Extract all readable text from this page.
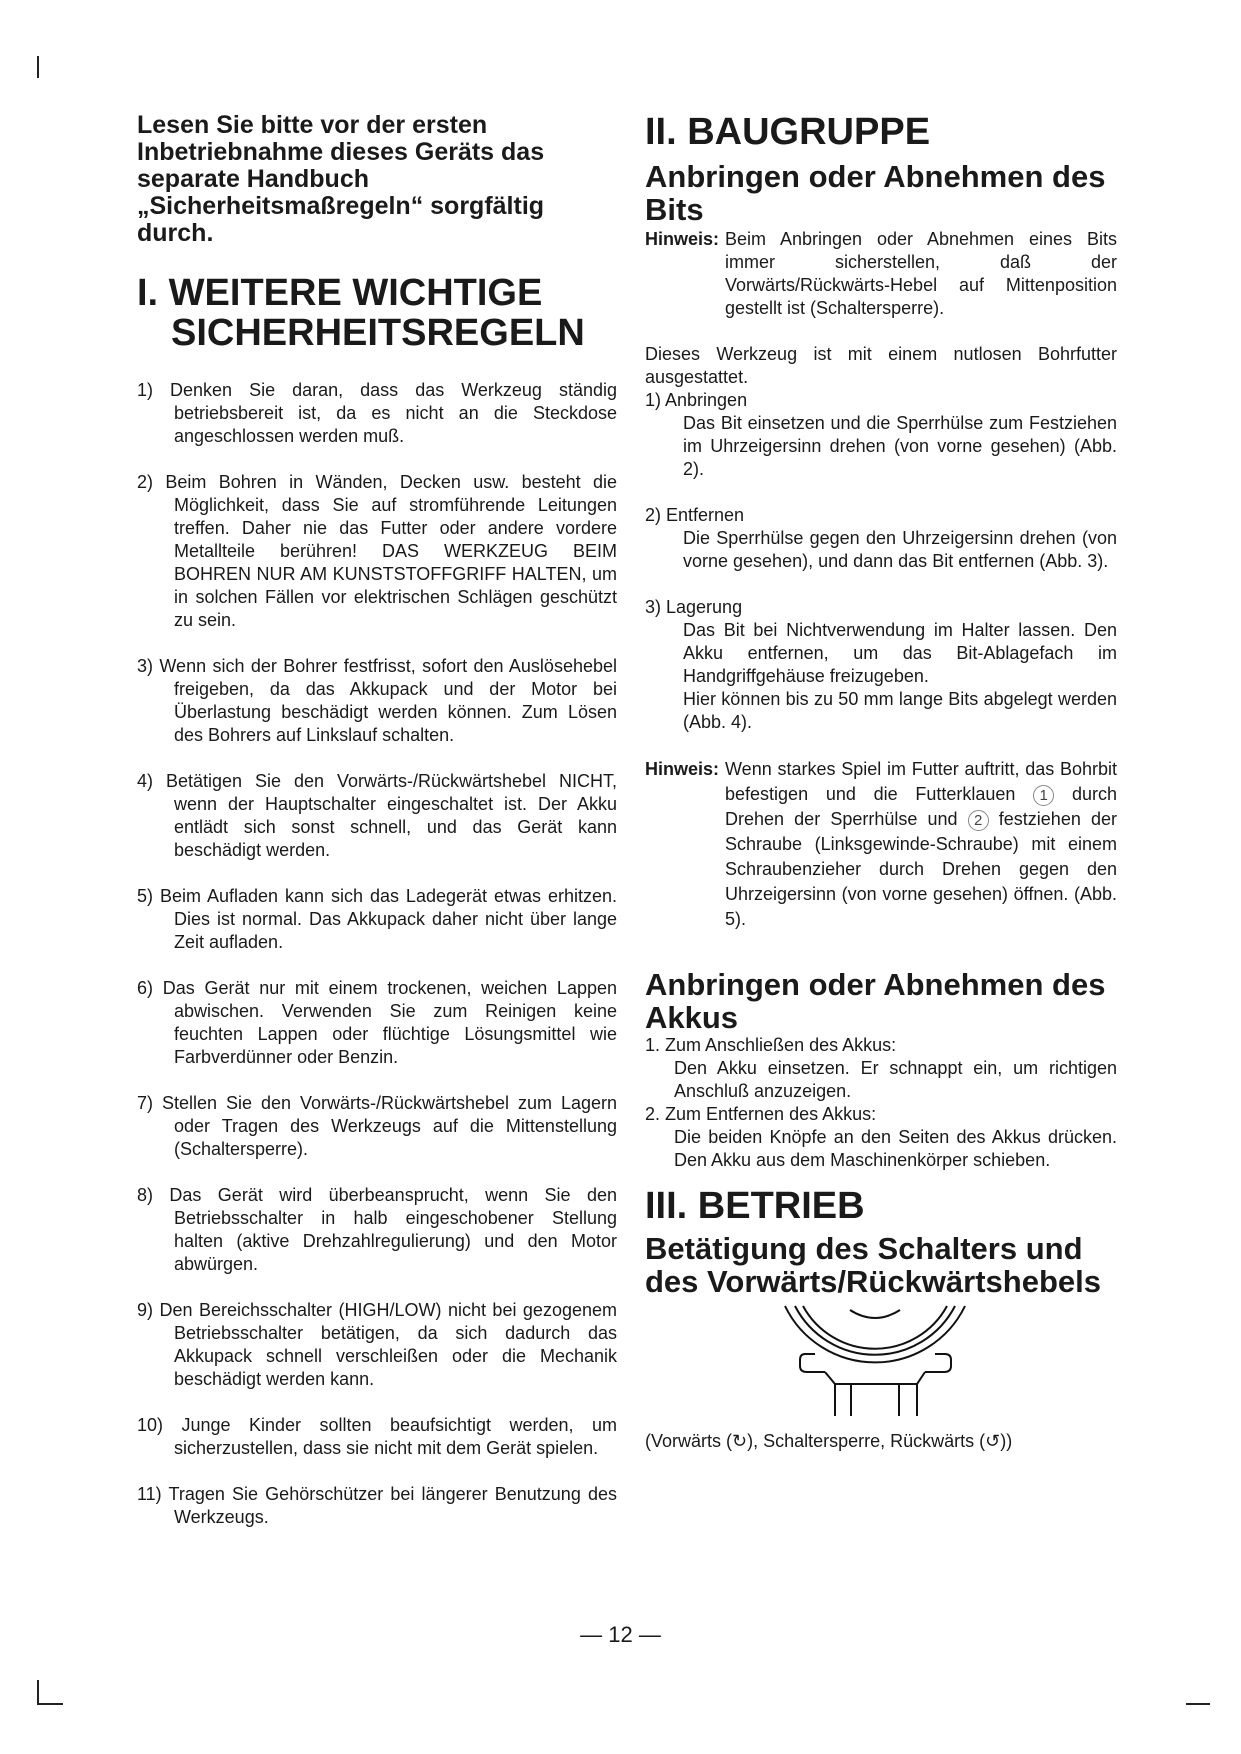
Lesen Sie bitte vor der ersten Inbetriebnahme dieses Geräts das separate Handbuch „Sicherheitsmaßregeln“ sorgfältig durch.

I. WEITERE WICHTIGE SICHERHEITSREGELN

1) Denken Sie daran, dass das Werkzeug ständig betriebsbereit ist, da es nicht an die Steckdose angeschlossen werden muß.

2) Beim Bohren in Wänden, Decken usw. besteht die Möglichkeit, dass Sie auf stromführende Leitungen treffen. Daher nie das Futter oder andere vordere Metallteile berühren! DAS WERKZEUG BEIM BOHREN NUR AM KUNSTSTOFFGRIFF HALTEN, um in solchen Fällen vor elektrischen Schlägen geschützt zu sein.

3) Wenn sich der Bohrer festfrisst, sofort den Auslösehebel freigeben, da das Akkupack und der Motor bei Überlastung beschädigt werden können. Zum Lösen des Bohrers auf Linkslauf schalten.

4) Betätigen Sie den Vorwärts-/Rückwärtshebel NICHT, wenn der Hauptschalter eingeschaltet ist. Der Akku entlädt sich sonst schnell, und das Gerät kann beschädigt werden.

5) Beim Aufladen kann sich das Ladegerät etwas erhitzen. Dies ist normal. Das Akkupack daher nicht über lange Zeit aufladen.

6) Das Gerät nur mit einem trockenen, weichen Lappen abwischen. Verwenden Sie zum Reinigen keine feuchten Lappen oder flüchtige Lösungsmittel wie Farbverdünner oder Benzin.

7) Stellen Sie den Vorwärts-/Rückwärtshebel zum Lagern oder Tragen des Werkzeugs auf die Mittenstellung (Schaltersperre).

8) Das Gerät wird überbeansprucht, wenn Sie den Betriebsschalter in halb eingeschobener Stellung halten (aktive Drehzahlregulierung) und den Motor abwürgen.

9) Den Bereichsschalter (HIGH/LOW) nicht bei gezogenem Betriebsschalter betätigen, da sich dadurch das Akkupack schnell verschleißen oder die Mechanik beschädigt werden kann.

10) Junge Kinder sollten beaufsichtigt werden, um sicherzustellen, dass sie nicht mit dem Gerät spielen.

11) Tragen Sie Gehörschützer bei längerer Benutzung des Werkzeugs.

II. BAUGRUPPE
Anbringen oder Abnehmen des Bits
Hinweis: Beim Anbringen oder Abnehmen eines Bits immer sicherstellen, daß der Vorwärts/Rückwärts-Hebel auf Mittenposition gestellt ist (Schaltersperre).

Dieses Werkzeug ist mit einem nutlosen Bohrfutter ausgestattet.

1) Anbringen

Das Bit einsetzen und die Sperrhülse zum Festziehen im Uhrzeigersinn drehen (von vorne gesehen) (Abb. 2).

2) Entfernen

Die Sperrhülse gegen den Uhrzeigersinn drehen (von vorne gesehen), und dann das Bit entfernen (Abb. 3).

3) Lagerung

Das Bit bei Nichtverwendung im Halter lassen. Den Akku entfernen, um das Bit-Ablagefach im Handgriffgehäuse freizugeben.

Hier können bis zu 50 mm lange Bits abgelegt werden (Abb. 4).

Hinweis: Wenn starkes Spiel im Futter auftritt, das Bohrbit befestigen und die Futterklauen 1 durch Drehen der Sperrhülse und 2 festziehen der Schraube (Linksgewinde-Schraube) mit einem Schraubenzieher durch Drehen gegen den Uhrzeigersinn (von vorne gesehen) öffnen. (Abb. 5).
Anbringen oder Abnehmen des Akkus

1. Zum Anschließen des Akkus:

Den Akku einsetzen. Er schnappt ein, um richtigen Anschluß anzuzeigen.

2. Zum Entfernen des Akkus:

Die beiden Knöpfe an den Seiten des Akkus drücken. Den Akku aus dem Maschinenkörper schieben.

III. BETRIEB
Betätigung des Schalters und des Vorwärts/Rückwärtshebels

(Vorwärts (↻), Schaltersperre, Rückwärts (↺))

— 12 —
